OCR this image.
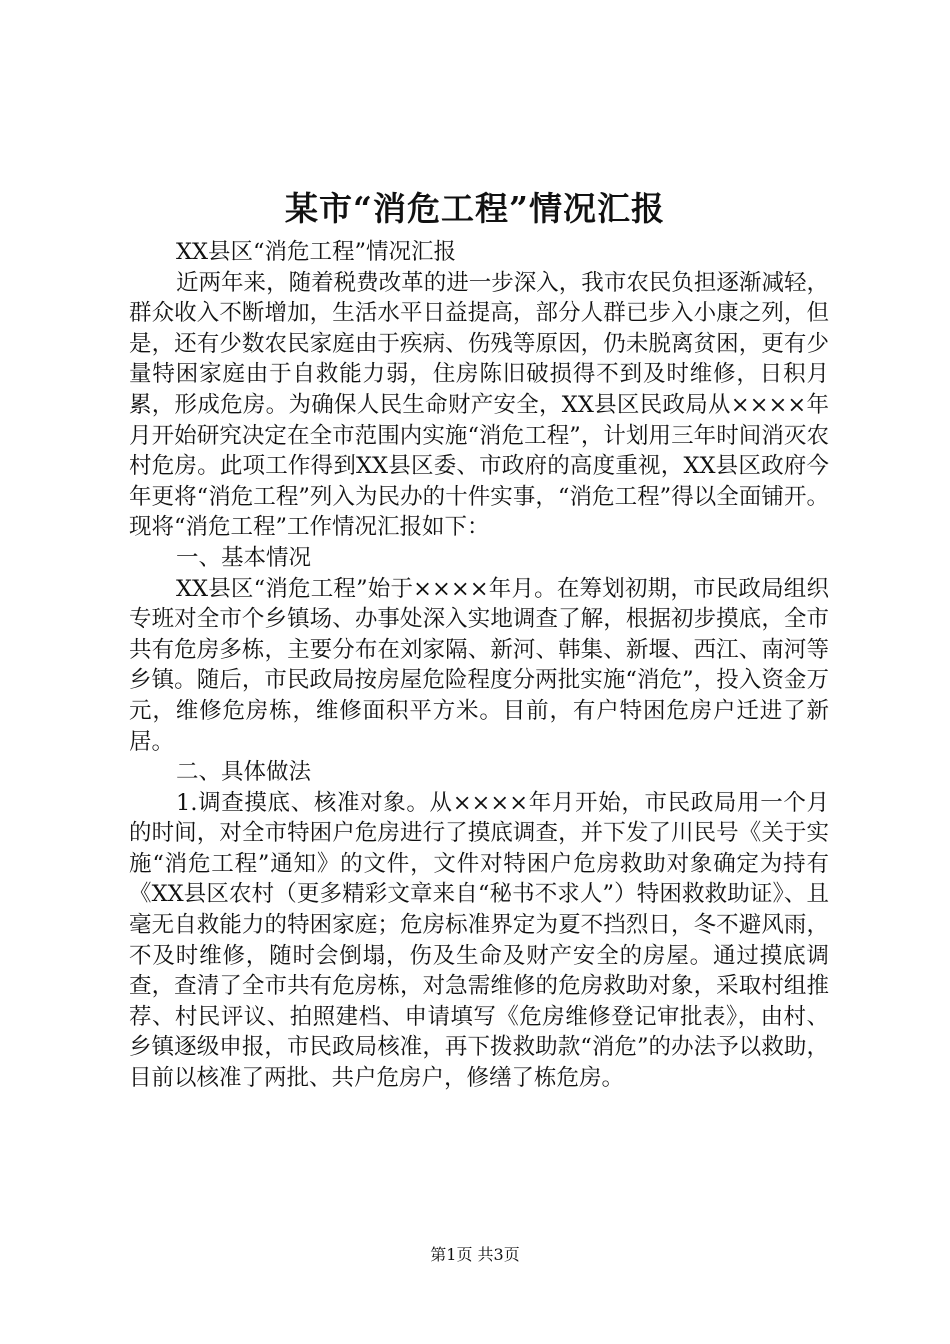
某市“消危工程”情况汇报

XX县区“消危工程”情况汇报

近两年来，随着税费改革的进一步深入，我市农民负担逐渐减轻，群众收入不断增加，生活水平日益提高，部分人群已步入小康之列，但是，还有少数农民家庭由于疾病、伤残等原因，仍未脱离贫困，更有少量特困家庭由于自救能力弱，住房陈旧破损得不到及时维修，日积月累，形成危房。为确保人民生命财产安全，XX县区民政局从××××年月开始研究决定在全市范围内实施“消危工程”，计划用三年时间消灭农村危房。此项工作得到XX县区委、市政府的高度重视，XX县区政府今年更将“消危工程”列入为民办的十件实事，“消危工程”得以全面铺开。现将“消危工程”工作情况汇报如下：

一、基本情况

XX县区“消危工程”始于××××年月。在筹划初期，市民政局组织专班对全市个乡镇场、办事处深入实地调查了解，根据初步摸底，全市共有危房多栋，主要分布在刘家隔、新河、韩集、新堰、西江、南河等乡镇。随后，市民政局按房屋危险程度分两批实施“消危”，投入资金万元，维修危房栋，维修面积平方米。目前，有户特困危房户迁进了新居。

二、具体做法

1.调查摸底、核准对象。从××××年月开始，市民政局用一个月的时间，对全市特困户危房进行了摸底调查，并下发了川民号《关于实施“消危工程”通知》的文件，文件对特困户危房救助对象确定为持有《XX县区农村（更多精彩文章来自“秘书不求人”）特困救救助证》、且毫无自救能力的特困家庭；危房标准界定为夏不挡烈日，冬不避风雨，不及时维修，随时会倒塌，伤及生命及财产安全的房屋。通过摸底调查，查清了全市共有危房栋，对急需维修的危房救助对象，采取村组推荐、村民评议、拍照建档、申请填写《危房维修登记审批表》，由村、乡镇逐级申报，市民政局核准，再下拨救助款“消危”的办法予以救助，目前以核准了两批、共户危房户，修缮了栋危房。

第1页 共3页
